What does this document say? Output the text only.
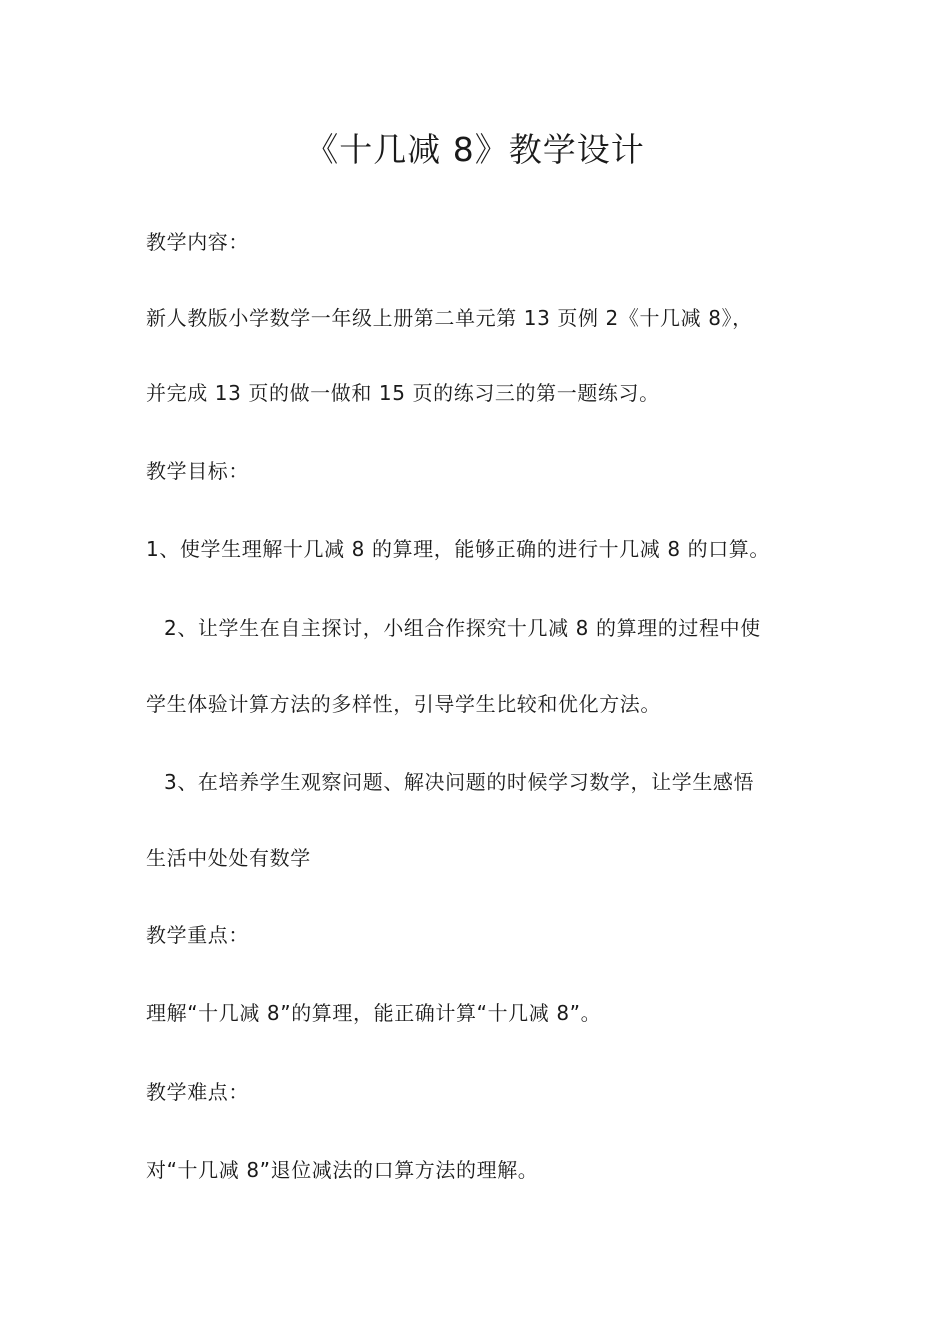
《十几减 8》教学设计
教学内容：
新人教版小学数学一年级上册第二单元第 13 页例 2《十几减 8》，
并完成 13 页的做一做和 15 页的练习三的第一题练习。
教学目标：
1、使学生理解十几减 8 的算理，能够正确的进行十几减 8 的口算。
2、让学生在自主探讨，小组合作探究十几减 8 的算理的过程中使
学生体验计算方法的多样性，引导学生比较和优化方法。
3、在培养学生观察问题、解决问题的时候学习数学，让学生感悟
生活中处处有数学
教学重点：
理解“十几减 8”的算理，能正确计算“十几减 8”。
教学难点：
对“十几减 8”退位减法的口算方法的理解。
